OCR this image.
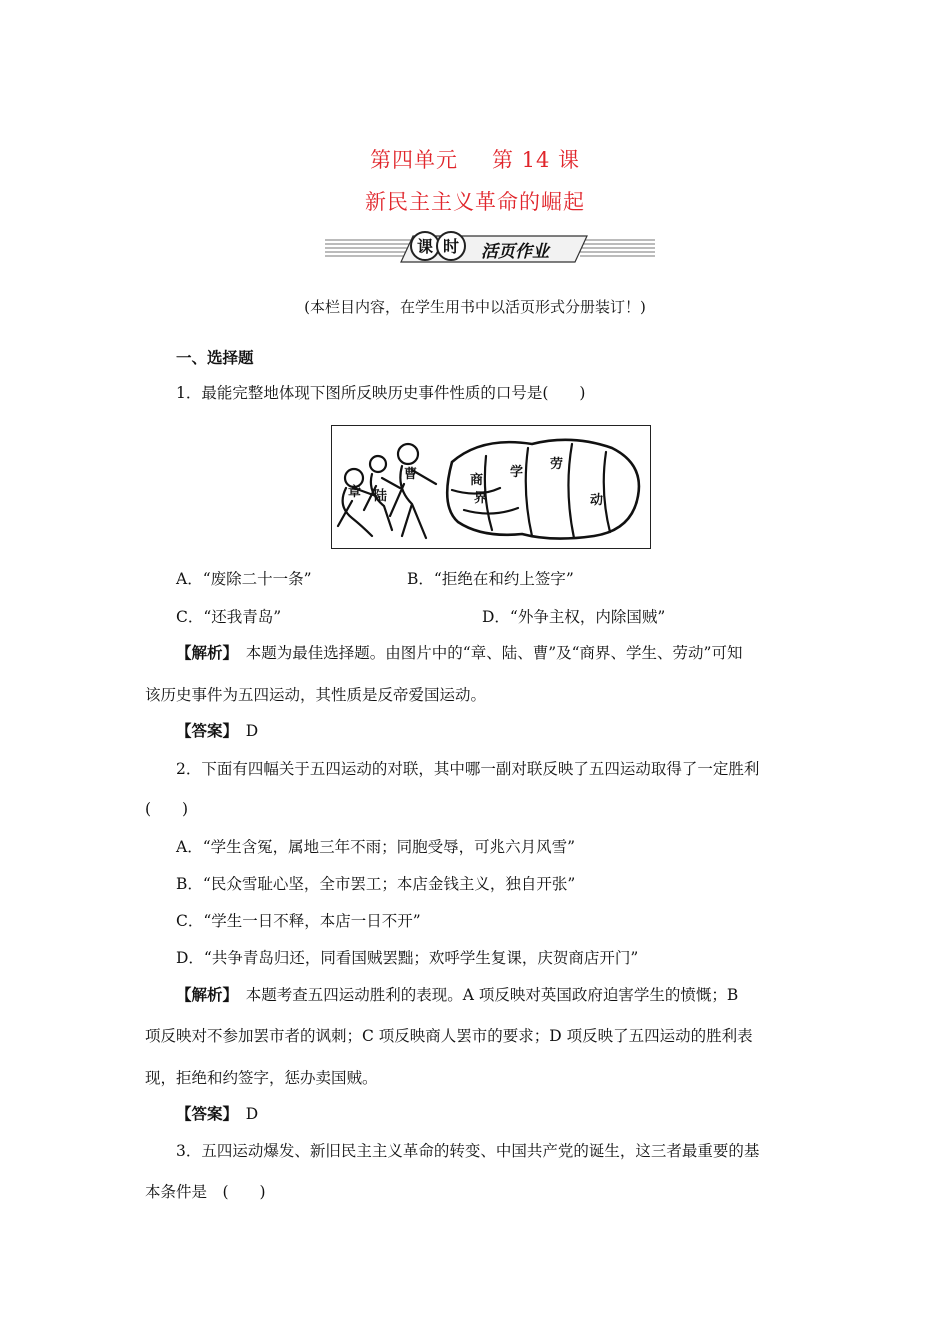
第四单元 第 14 课
新民主主义革命的崛起
课 时 活页作业
(本栏目内容，在学生用书中以活页形式分册装订！)
一、选择题
1．最能完整地体现下图所反映历史事件性质的口号是(　　)
章 陆
曹	商
学
劳
界	动
A．“废除二十一条”	B．“拒绝在和约上签字”
C．“还我青岛”	D．“外争主权，内除国贼”
【解析】　 本题为最佳选择题。由图片中的“章、陆、曹”及“商界、学生、劳动”可知
该历史事件为五四运动，其性质是反帝爱国运动。
【答案】　 D
2．下面有四幅关于五四运动的对联，其中哪一副对联反映了五四运动取得了一定胜利
(　　)
A．“学生含冤，属地三年不雨；同胞受辱，可兆六月风雪”
B．“民众雪耻心坚，全市罢工；本店金钱主义，独自开张”
C．“学生一日不释，本店一日不开”
D．“共争青岛归还，同看国贼罢黜；欢呼学生复课，庆贺商店开门”
【解析】　 本题考查五四运动胜利的表现。A 项反映对英国政府迫害学生的愤慨；B
项反映对不参加罢市者的讽刺；C 项反映商人罢市的要求；D 项反映了五四运动的胜利表
现，拒绝和约签字，惩办卖国贼。
【答案】　 D
3．五四运动爆发、新旧民主主义革命的转变、中国共产党的诞生，这三者最重要的基
本条件是　(　　)
